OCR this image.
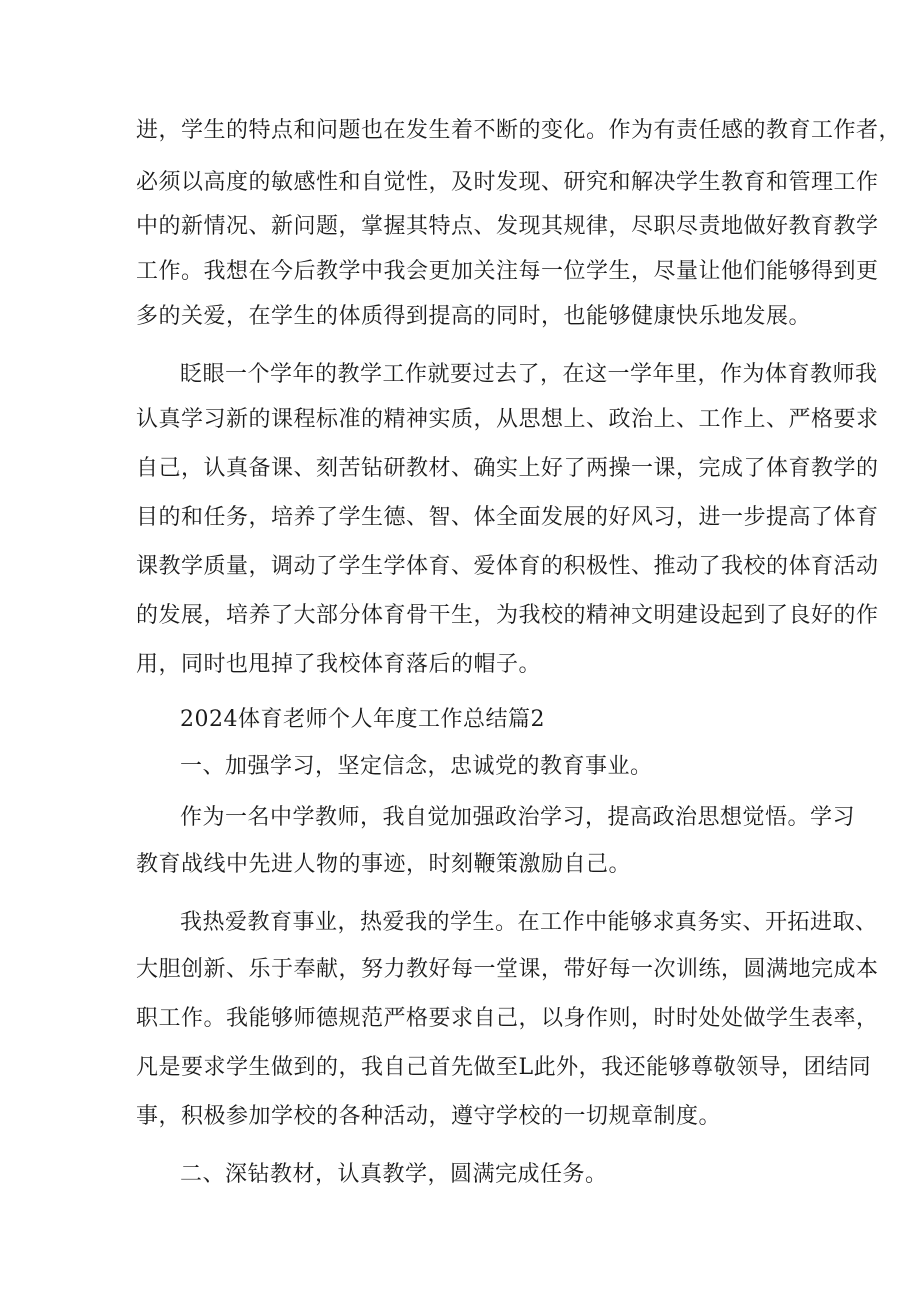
进，学生的特点和问题也在发生着不断的变化。作为有责任感的教育工作者，
必须以高度的敏感性和自觉性，及时发现、研究和解决学生教育和管理工作
中的新情况、新问题，掌握其特点、发现其规律，尽职尽责地做好教育教学
工作。我想在今后教学中我会更加关注每一位学生，尽量让他们能够得到更
多的关爱，在学生的体质得到提高的同时，也能够健康快乐地发展。
眨眼一个学年的教学工作就要过去了，在这一学年里，作为体育教师我
认真学习新的课程标准的精神实质，从思想上、政治上、工作上、严格要求
自己，认真备课、刻苦钻研教材、确实上好了两操一课，完成了体育教学的
目的和任务，培养了学生德、智、体全面发展的好风习，进一步提高了体育
课教学质量，调动了学生学体育、爱体育的积极性、推动了我校的体育活动
的发展，培养了大部分体育骨干生，为我校的精神文明建设起到了良好的作
用，同时也甩掉了我校体育落后的帽子。
2024体育老师个人年度工作总结篇2
一、加强学习，坚定信念，忠诚党的教育事业。
作为一名中学教师，我自觉加强政治学习，提高政治思想觉悟。学习
教育战线中先进人物的事迹，时刻鞭策激励自己。
我热爱教育事业，热爱我的学生。在工作中能够求真务实、开拓进取、
大胆创新、乐于奉献，努力教好每一堂课，带好每一次训练，圆满地完成本
职工作。我能够师德规范严格要求自己，以身作则，时时处处做学生表率，
凡是要求学生做到的，我自己首先做至L此外，我还能够尊敬领导，团结同
事，积极参加学校的各种活动，遵守学校的一切规章制度。
二、深钻教材，认真教学，圆满完成任务。
